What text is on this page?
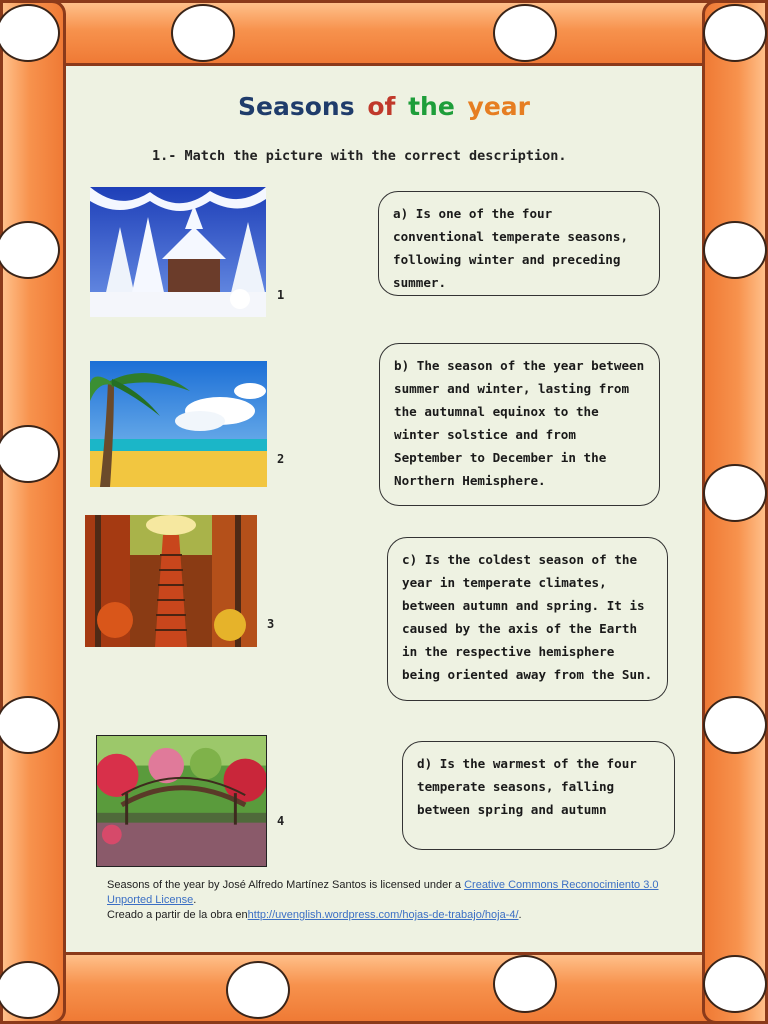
Seasons of the year
1.- Match the picture with the correct description.
1
2
3
4
a) Is one of the four conventional temperate seasons, following winter and preceding summer.
b) The season of the year between summer and winter, lasting from the autumnal equinox to the winter solstice and from September to December in the Northern Hemisphere.
c) Is the coldest season of the year in temperate climates, between autumn and spring. It is caused by the axis of the Earth in the respective hemisphere being oriented away from the Sun.
d) Is the warmest of the four temperate seasons, falling between spring and autumn
Seasons of the year by José Alfredo Martínez Santos is licensed under a Creative Commons Reconocimiento 3.0 Unported License.
Creado a partir de la obra enhttp://uvenglish.wordpress.com/hojas-de-trabajo/hoja-4/.
